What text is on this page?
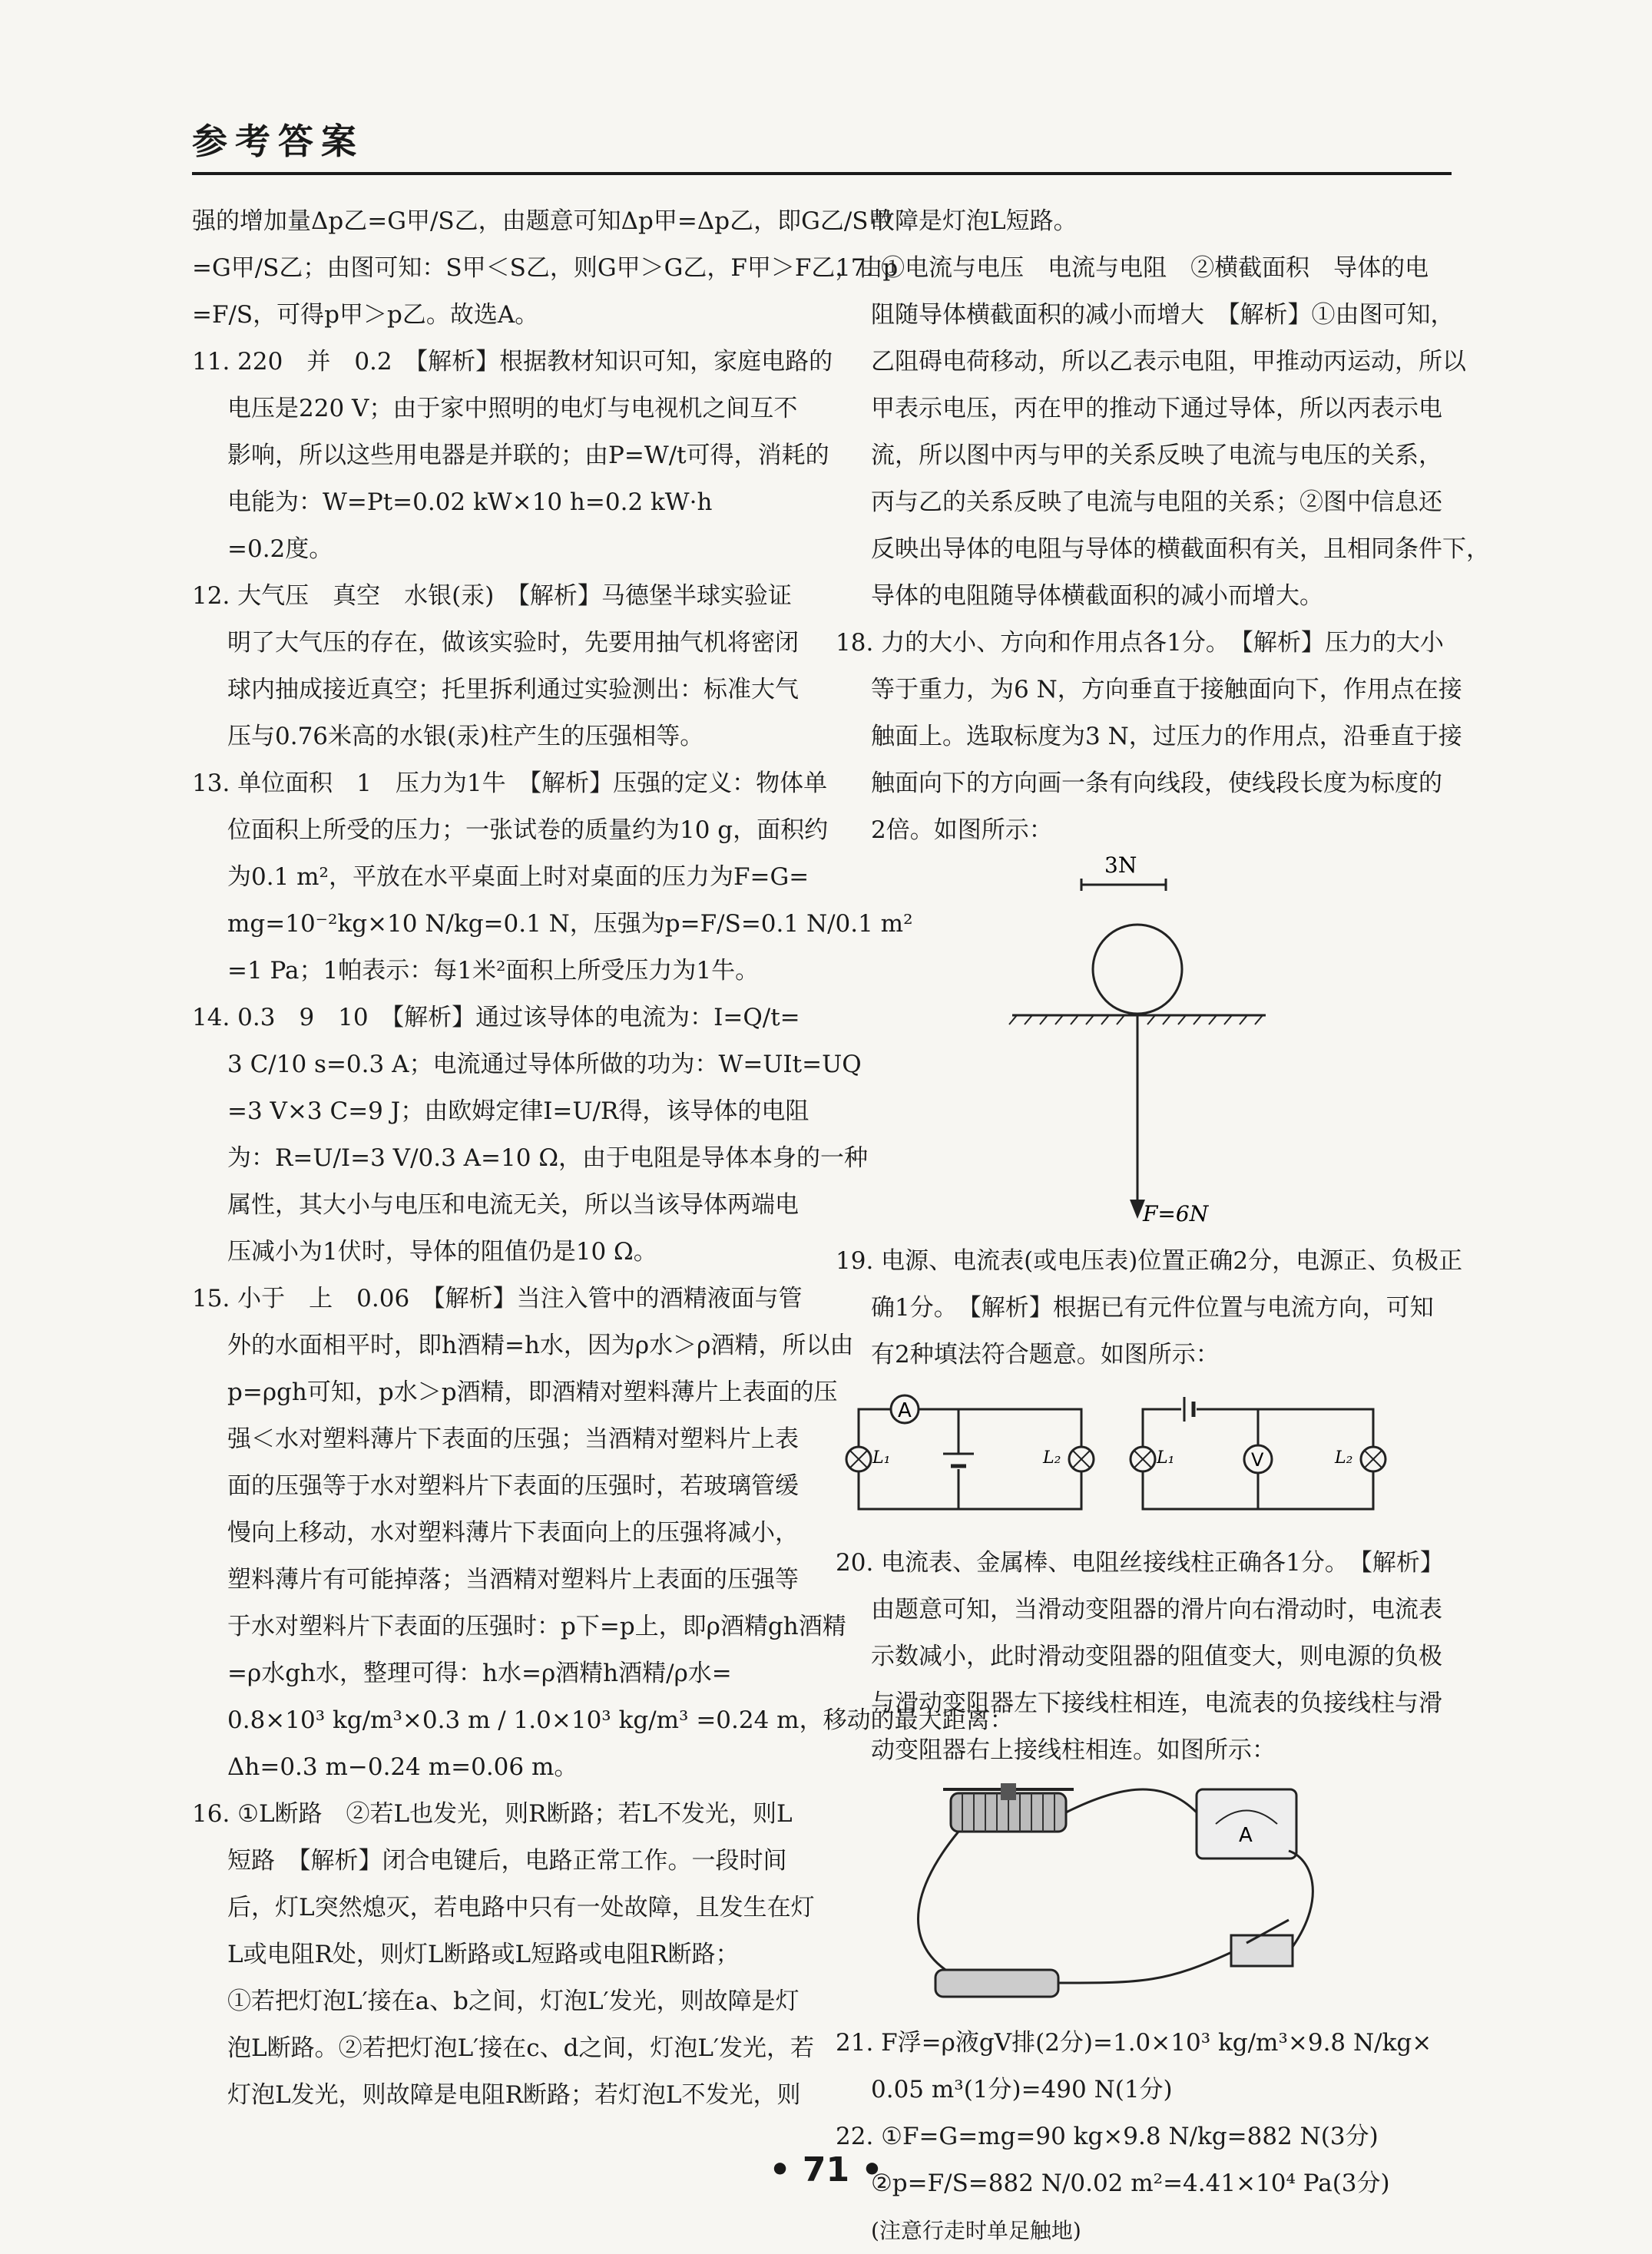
参考答案
强的增加量Δp乙=G甲/S乙，由题意可知Δp甲=Δp乙，即G乙/S甲
=G甲/S乙；由图可知：S甲＜S乙，则G甲＞G乙，F甲＞F乙，由p
=F/S，可得p甲＞p乙。故选A。
11. 220　并　0.2　【解析】根据教材知识可知，家庭电路的
电压是220 V；由于家中照明的电灯与电视机之间互不
影响，所以这些用电器是并联的；由P=W/t可得，消耗的
电能为：W=Pt=0.02 kW×10 h=0.2 kW·h
=0.2度。
12. 大气压　真空　水银(汞)　【解析】马德堡半球实验证
明了大气压的存在，做该实验时，先要用抽气机将密闭
球内抽成接近真空；托里拆利通过实验测出：标准大气
压与0.76米高的水银(汞)柱产生的压强相等。
13. 单位面积　1　压力为1牛　【解析】压强的定义：物体单
位面积上所受的压力；一张试卷的质量约为10 g，面积约
为0.1 m²，平放在水平桌面上时对桌面的压力为F=G=
mg=10⁻²kg×10 N/kg=0.1 N，压强为p=F/S=0.1 N/0.1 m²
=1 Pa；1帕表示：每1米²面积上所受压力为1牛。
14. 0.3　9　10　【解析】通过该导体的电流为：I=Q/t=
3 C/10 s=0.3 A；电流通过导体所做的功为：W=UIt=UQ
=3 V×3 C=9 J；由欧姆定律I=U/R得，该导体的电阻
为：R=U/I=3 V/0.3 A=10 Ω，由于电阻是导体本身的一种
属性，其大小与电压和电流无关，所以当该导体两端电
压减小为1伏时，导体的阻值仍是10 Ω。
15. 小于　上　0.06　【解析】当注入管中的酒精液面与管
外的水面相平时，即h酒精=h水，因为ρ水＞ρ酒精，所以由
p=ρgh可知，p水＞p酒精，即酒精对塑料薄片上表面的压
强＜水对塑料薄片下表面的压强；当酒精对塑料片上表
面的压强等于水对塑料片下表面的压强时，若玻璃管缓
慢向上移动，水对塑料薄片下表面向上的压强将减小，
塑料薄片有可能掉落；当酒精对塑料片上表面的压强等
于水对塑料片下表面的压强时：p下=p上，即ρ酒精gh酒精
=ρ水gh水，整理可得：h水=ρ酒精h酒精/ρ水=
0.8×10³ kg/m³×0.3 m / 1.0×10³ kg/m³ =0.24 m，移动的最大距离：
Δh=0.3 m−0.24 m=0.06 m。
16. ①L断路　②若L也发光，则R断路；若L不发光，则L
短路　【解析】闭合电键后，电路正常工作。一段时间
后，灯L突然熄灭，若电路中只有一处故障，且发生在灯
L或电阻R处，则灯L断路或L短路或电阻R断路；
①若把灯泡L′接在a、b之间，灯泡L′发光，则故障是灯
泡L断路。②若把灯泡L′接在c、d之间，灯泡L′发光，若
灯泡L发光，则故障是电阻R断路；若灯泡L不发光，则
故障是灯泡L短路。
17. ①电流与电压　电流与电阻　②横截面积　导体的电
阻随导体横截面积的减小而增大　【解析】①由图可知，
乙阻碍电荷移动，所以乙表示电阻，甲推动丙运动，所以
甲表示电压，丙在甲的推动下通过导体，所以丙表示电
流，所以图中丙与甲的关系反映了电流与电压的关系，
丙与乙的关系反映了电流与电阻的关系；②图中信息还
反映出导体的电阻与导体的横截面积有关，且相同条件下，
导体的电阻随导体横截面积的减小而增大。
18. 力的大小、方向和作用点各1分。　【解析】压力的大小
等于重力，为6 N，方向垂直于接触面向下，作用点在接
触面上。选取标度为3 N，过压力的作用点，沿垂直于接
触面向下的方向画一条有向线段，使线段长度为标度的
2倍。如图所示：
3N
F=6N
19. 电源、电流表(或电压表)位置正确2分，电源正、负极正
确1分。　【解析】根据已有元件位置与电流方向，可知
有2种填法符合题意。如图所示：
A
L₁	L₂	L₁	V	L₂
20. 电流表、金属棒、电阻丝接线柱正确各1分。　【解析】
由题意可知，当滑动变阻器的滑片向右滑动时，电流表
示数减小，此时滑动变阻器的阻值变大，则电源的负极
与滑动变阻器左下接线柱相连，电流表的负接线柱与滑
动变阻器右上接线柱相连。如图所示：
A
21. F浮=ρ液gV排(2分)=1.0×10³ kg/m³×9.8 N/kg×
0.05 m³(1分)=490 N(1分)
22. ①F=G=mg=90 kg×9.8 N/kg=882 N(3分)
②p=F/S=882 N/0.02 m²=4.41×10⁴ Pa(3分)
(注意行走时单足触地)
• 71 •
